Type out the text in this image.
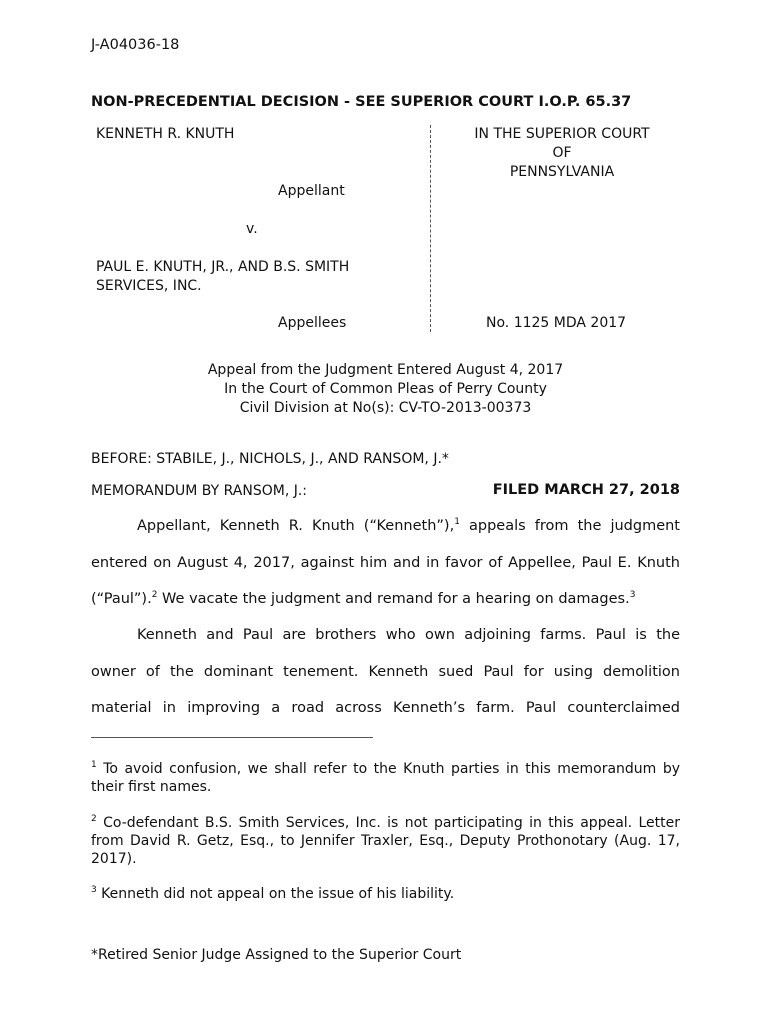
J-A04036-18
NON-PRECEDENTIAL DECISION - SEE SUPERIOR COURT I.O.P. 65.37
KENNETH R. KNUTH
Appellant
v.
PAUL E. KNUTH, JR., AND B.S. SMITH
SERVICES, INC.
Appellees
IN THE SUPERIOR COURT
OF
PENNSYLVANIA
No. 1125 MDA 2017
Appeal from the Judgment Entered August 4, 2017
In the Court of Common Pleas of Perry County
Civil Division at No(s): CV-TO-2013-00373
BEFORE: STABILE, J., NICHOLS, J., AND RANSOM, J.*
MEMORANDUM BY RANSOM, J.:	FILED MARCH 27, 2018
Appellant, Kenneth R. Knuth (“Kenneth”),$^1$ appeals from the judgment
entered on August 4, 2017, against him and in favor of Appellee, Paul E. Knuth
(“Paul”).$^2$ We vacate the judgment and remand for a hearing on damages.$^3$
Kenneth and Paul are brothers who own adjoining farms. Paul is the
owner of the dominant tenement. Kenneth sued Paul for using demolition
material in improving a road across Kenneth’s farm. Paul counterclaimed
$^1$ To avoid confusion, we shall refer to the Knuth parties in this memorandum by their first names.
$^2$ Co-defendant B.S. Smith Services, Inc. is not participating in this appeal. Letter from David R. Getz, Esq., to Jennifer Traxler, Esq., Deputy Prothonotary (Aug. 17, 2017).
$^3$ Kenneth did not appeal on the issue of his liability.
*Retired Senior Judge Assigned to the Superior Court
